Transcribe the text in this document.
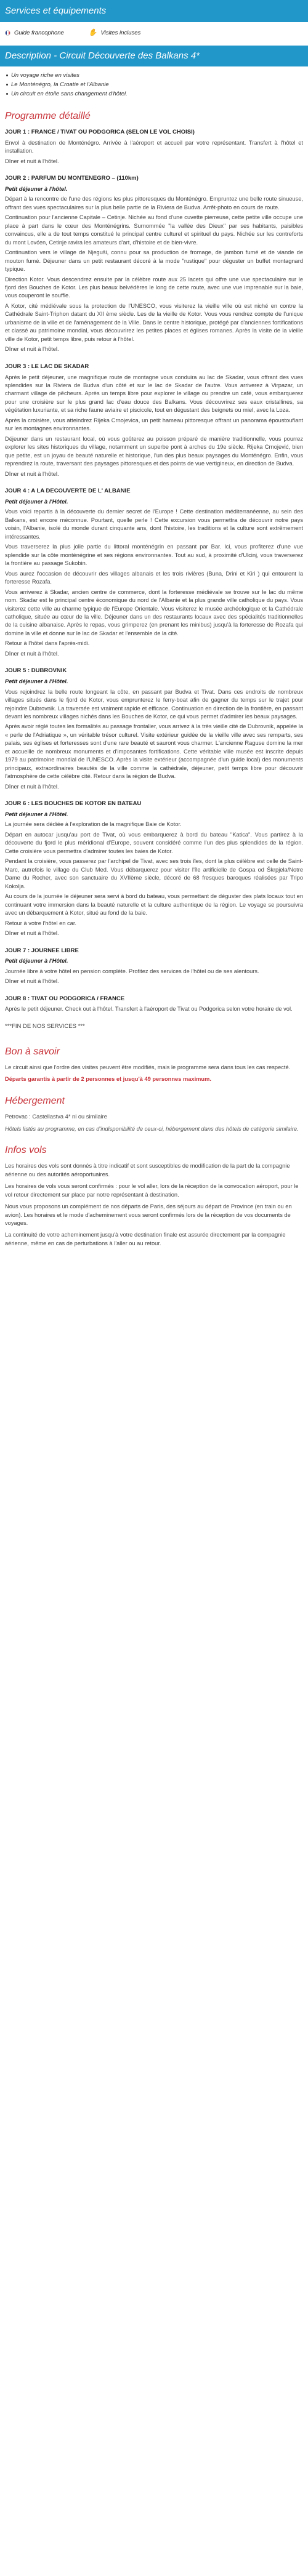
Services et équipements
Guide francophone	✋ Visites incluses
Description - Circuit Découverte des Balkans 4*
Un voyage riche en visites
Le Monténégro, la Croatie et l'Albanie
Un circuit en étoile sans changement d'hôtel.
Programme détaillé
JOUR 1 : FRANCE / TIVAT OU PODGORICA (SELON LE VOL CHOISI)

Envol à destination de Monténégro. Arrivée à l'aéroport et accueil par votre représentant. Transfert à l'hôtel et installation.

Dîner et nuit à l'hôtel.

JOUR 2 : PARFUM DU MONTENEGRO – (110km)

Petit déjeuner à l'hôtel.

Départ à la rencontre de l'une des régions les plus pittoresques du Monténégro. Empruntez une belle route sinueuse, offrant des vues spectaculaires sur la plus belle partie de la Riviera de Budva. Arrêt-photo en cours de route.

Continuation pour l'ancienne Capitale – Cetinje. Nichée au fond d'une cuvette pierreuse, cette petite ville occupe une place à part dans le cœur des Monténégrins. Surnommée "la vallée des Dieux" par ses habitants, paisibles convaincus, elle a de tout temps constitué le principal centre culturel et spirituel du pays. Nichée sur les contreforts du mont Lovćen, Cetinje ravira les amateurs d'art, d'histoire et de bien-vivre.

Continuation vers le village de Njeguši, connu pour sa production de fromage, de jambon fumé et de viande de mouton fumé. Déjeuner dans un petit restaurant décoré à la mode "rustique" pour déguster un buffet montagnard typique.

Direction Kotor. Vous descendrez ensuite par la célèbre route aux 25 lacets qui offre une vue spectaculaire sur le fjord des Bouches de Kotor. Les plus beaux belvédères le long de cette route, avec une vue imprenable sur la baie, vous couperont le souffle.

A Kotor, cité médiévale sous la protection de l'UNESCO, vous visiterez la vieille ville où est niché en contre la Cathédrale Saint-Triphon datant du XII ème siècle. Les de la vieille de Kotor. Vous vous rendrez compte de l'unique urbanisme de la ville et de l'aménagement de la Ville. Dans le centre historique, protégé par d'anciennes fortifications et classé au patrimoine mondial, vous découvrirez les petites places et églises romanes. Après la visite de la vieille ville de Kotor, petit temps libre, puis retour à l'hôtel.

Dîner et nuit à l'hôtel.

JOUR 3 : LE LAC DE SKADAR

Après le petit déjeuner, une magnifique route de montagne vous conduira au lac de Skadar, vous offrant des vues splendides sur la Riviera de Budva d'un côté et sur le lac de Skadar de l'autre. Vous arriverez à Virpazar, un charmant village de pêcheurs. Après un temps libre pour explorer le village ou prendre un café, vous embarquerez pour une croisière sur le plus grand lac d'eau douce des Balkans. Vous découvrirez ses eaux cristallines, sa végétation luxuriante, et sa riche faune aviaire et piscicole, tout en dégustant des beignets ou miel, avec la Loza.

Après la croisière, vous atteindrez Rijeka Crnojevica, un petit hameau pittoresque offrant un panorama époustouflant sur les montagnes environnantes.

Déjeuner dans un restaurant local, où vous goûterez au poisson préparé de manière traditionnelle, vous pourrez explorer les sites historiques du village, notamment un superbe pont à arches du 19e siècle. Rijeka Crnojević, bien que petite, est un joyau de beauté naturelle et historique, l'un des plus beaux paysages du Monténégro. Enfin, vous reprendrez la route, traversant des paysages pittoresques et des points de vue vertigineux, en direction de Budva.

Dîner et nuit à l'hôtel.

JOUR 4 : A LA DECOUVERTE DE L' ALBANIE

Petit déjeuner à l'Hôtel.

Vous voici repartis à la découverte du dernier secret de l'Europe ! Cette destination méditerranéenne, au sein des Balkans, est encore méconnue. Pourtant, quelle perle ! Cette excursion vous permettra de découvrir notre pays voisin, l'Albanie, isolé du monde durant cinquante ans, dont l'histoire, les traditions et la culture sont extrêmement intéressantes.

Vous traverserez la plus jolie partie du littoral monténégrin en passant par Bar. Ici, vous profiterez d'une vue splendide sur la côte monténégrine et ses régions environnantes. Tout au sud, à proximité d'Ulcinj, vous traverserez la frontière au passage Sukobin.

Vous aurez l'occasion de découvrir des villages albanais et les trois rivières (Buna, Drini et Kiri ) qui entourent la forteresse Rozafa.

Vous arriverez à Skadar, ancien centre de commerce, dont la forteresse médiévale se trouve sur le lac du même nom. Skadar est le principal centre économique du nord de l'Albanie et la plus grande ville catholique du pays. Vous visiterez cette ville au charme typique de l'Europe Orientale. Vous visiterez le musée archéologique et la Cathédrale catholique, située au cœur de la ville. Déjeuner dans un des restaurants locaux avec des spécialités traditionnelles de la cuisine albanaise. Après le repas, vous grimperez (en prenant les minibus) jusqu'à la forteresse de Rozafa qui domine la ville et donne sur le lac de Skadar et l'ensemble de la cité.

Retour à l'hôtel dans l'après-midi.

Dîner et nuit à l'hôtel.

JOUR 5 : DUBROVNIK

Petit déjeuner à l'Hôtel.

Vous rejoindrez la belle route longeant la côte, en passant par Budva et Tivat. Dans ces endroits de nombreux villages situés dans le fjord de Kotor, vous emprunterez le ferry-boat afin de gagner du temps sur le trajet pour rejoindre Dubrovnik. La traversée est vraiment rapide et efficace. Continuation en direction de la frontière, en passant devant les nombreux villages nichés dans les Bouches de Kotor, ce qui vous permet d'admirer les beaux paysages.

Après avoir réglé toutes les formalités au passage frontalier, vous arrivez à la très vieille cité de Dubrovnik, appelée la « perle de l'Adriatique », un véritable trésor culturel. Visite extérieur guidée de la vieille ville avec ses remparts, ses palais, ses églises et forteresses sont d'une rare beauté et sauront vous charmer. L'ancienne Raguse domine la mer et accueille de nombreux monuments et d'imposantes fortifications. Cette véritable ville musée est inscrite depuis 1979 au patrimoine mondial de l'UNESCO. Après la visite extérieur (accompagnée d'un guide local) des monuments principaux, extraordinaires beautés de la ville comme la cathédrale, déjeuner, petit temps libre pour découvrir l'atmosphère de cette célèbre cité. Retour dans la région de Budva.

Dîner et nuit à l'hôtel.

JOUR 6 : LES BOUCHES DE KOTOR EN BATEAU

Petit déjeuner à l'Hôtel.

La journée sera dédiée à l'exploration de la magnifique Baie de Kotor.

Départ en autocar jusqu'au port de Tivat, où vous embarquerez à bord du bateau "Katica". Vous partirez à la découverte du fjord le plus méridional d'Europe, souvent considéré comme l'un des plus splendides de la région. Cette croisière vous permettra d'admirer toutes les baies de Kotor.

Pendant la croisière, vous passerez par l'archipel de Tivat, avec ses trois îles, dont la plus célèbre est celle de Saint-Marc, autrefois le village du Club Med. Vous débarquerez pour visiter l'île artificielle de Gospa od Škrpjela/Notre Dame du Rocher, avec son sanctuaire du XVIIème siècle, décoré de 68 fresques baroques réalisées par Tripo Kokolja.

Au cours de la journée le déjeuner sera servi à bord du bateau, vous permettant de déguster des plats locaux tout en continuant votre immersion dans la beauté naturelle et la culture authentique de la région. Le voyage se poursuivra avec un débarquement à Kotor, situé au fond de la baie.

Retour à votre l'hôtel en car.

Dîner et nuit à l'hôtel.

JOUR 7 : JOURNEE LIBRE

Petit déjeuner à l'Hôtel.

Journée libre à votre hôtel en pension complète. Profitez des services de l'hôtel ou de ses alentours.

Dîner et nuit à l'hôtel.

JOUR 8 : TIVAT OU PODGORICA / FRANCE

Après le petit déjeuner. Check out à l'hôtel. Transfert à l'aéroport de Tivat ou Podgorica selon votre horaire de vol.

***FIN DE NOS SERVICES ***
Bon à savoir

Le circuit ainsi que l'ordre des visites peuvent être modifiés, mais le programme sera dans tous les cas respecté.

Départs garantis à partir de 2 personnes et jusqu'à 49 personnes maximum.

Hébergement

Petrovac : Castellastva 4* ni ou similaire

Hôtels listés au programme, en cas d'indisponibilité de ceux-ci, hébergement dans des hôtels de catégorie similaire.

Infos vols

Les horaires des vols sont donnés à titre indicatif et sont susceptibles de modification de la part de la compagnie aérienne ou des autorités aéroportuaires.

Les horaires de vols vous seront confirmés : pour le vol aller, lors de la réception de la convocation aéroport, pour le vol retour directement sur place par notre représentant à destination.

Nous vous proposons un complément de nos départs de Paris, des séjours au départ de Province (en train ou en avion). Les horaires et le mode d'acheminement vous seront confirmés lors de la réception de vos documents de voyages.

La continuité de votre acheminement jusqu'à votre destination finale est assurée directement par la compagnie aérienne, même en cas de perturbations à l'aller ou au retour.
